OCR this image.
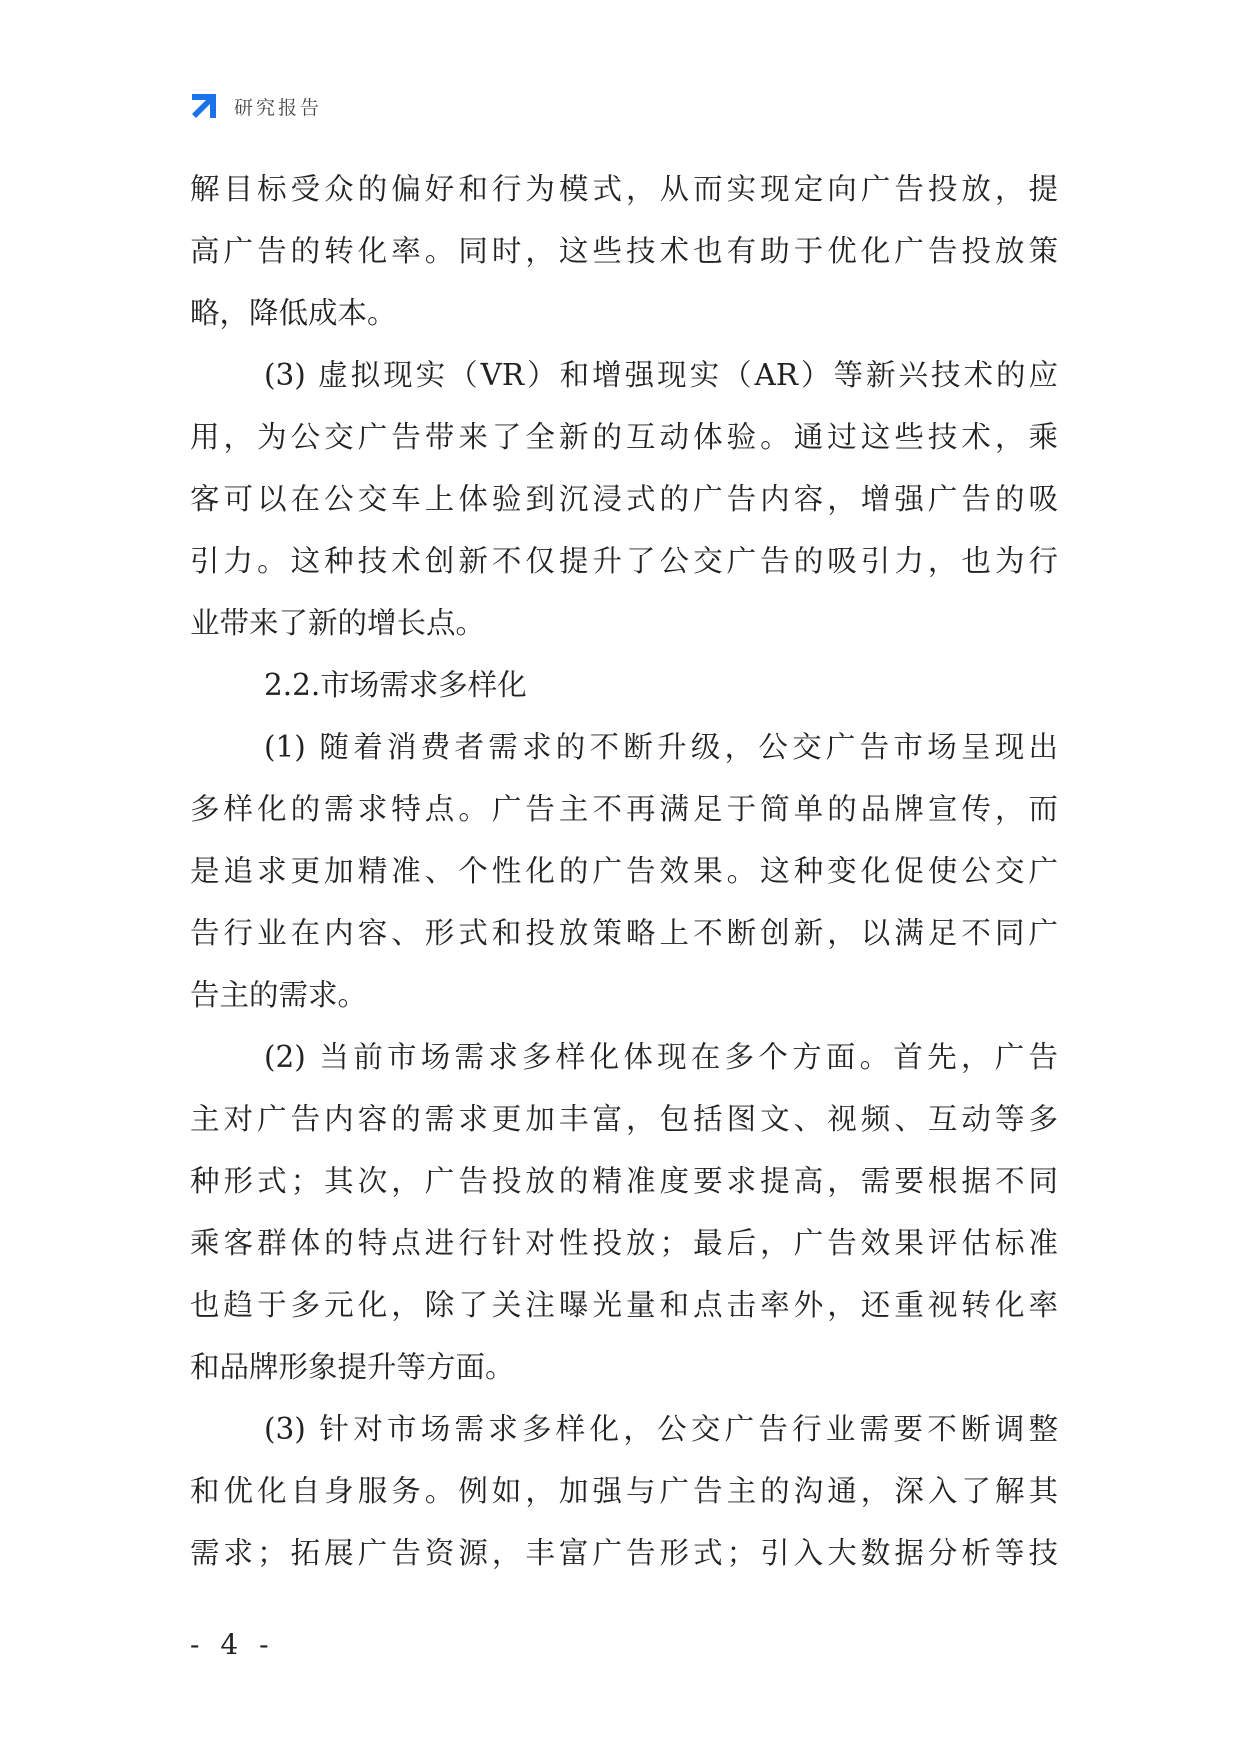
研究报告
解目标受众的偏好和行为模式，从而实现定向广告投放，提
高广告的转化率。同时，这些技术也有助于优化广告投放策
略，降低成本。
(3) 虚拟现实（VR）和增强现实（AR）等新兴技术的应
用，为公交广告带来了全新的互动体验。通过这些技术，乘
客可以在公交车上体验到沉浸式的广告内容，增强广告的吸
引力。这种技术创新不仅提升了公交广告的吸引力，也为行
业带来了新的增长点。
2.2.市场需求多样化
(1) 随着消费者需求的不断升级，公交广告市场呈现出
多样化的需求特点。广告主不再满足于简单的品牌宣传，而
是追求更加精准、个性化的广告效果。这种变化促使公交广
告行业在内容、形式和投放策略上不断创新，以满足不同广
告主的需求。
(2) 当前市场需求多样化体现在多个方面。首先，广告
主对广告内容的需求更加丰富，包括图文、视频、互动等多
种形式；其次，广告投放的精准度要求提高，需要根据不同
乘客群体的特点进行针对性投放；最后，广告效果评估标准
也趋于多元化，除了关注曝光量和点击率外，还重视转化率
和品牌形象提升等方面。
(3) 针对市场需求多样化，公交广告行业需要不断调整
和优化自身服务。例如，加强与广告主的沟通，深入了解其
需求；拓展广告资源，丰富广告形式；引入大数据分析等技
- 4 -
